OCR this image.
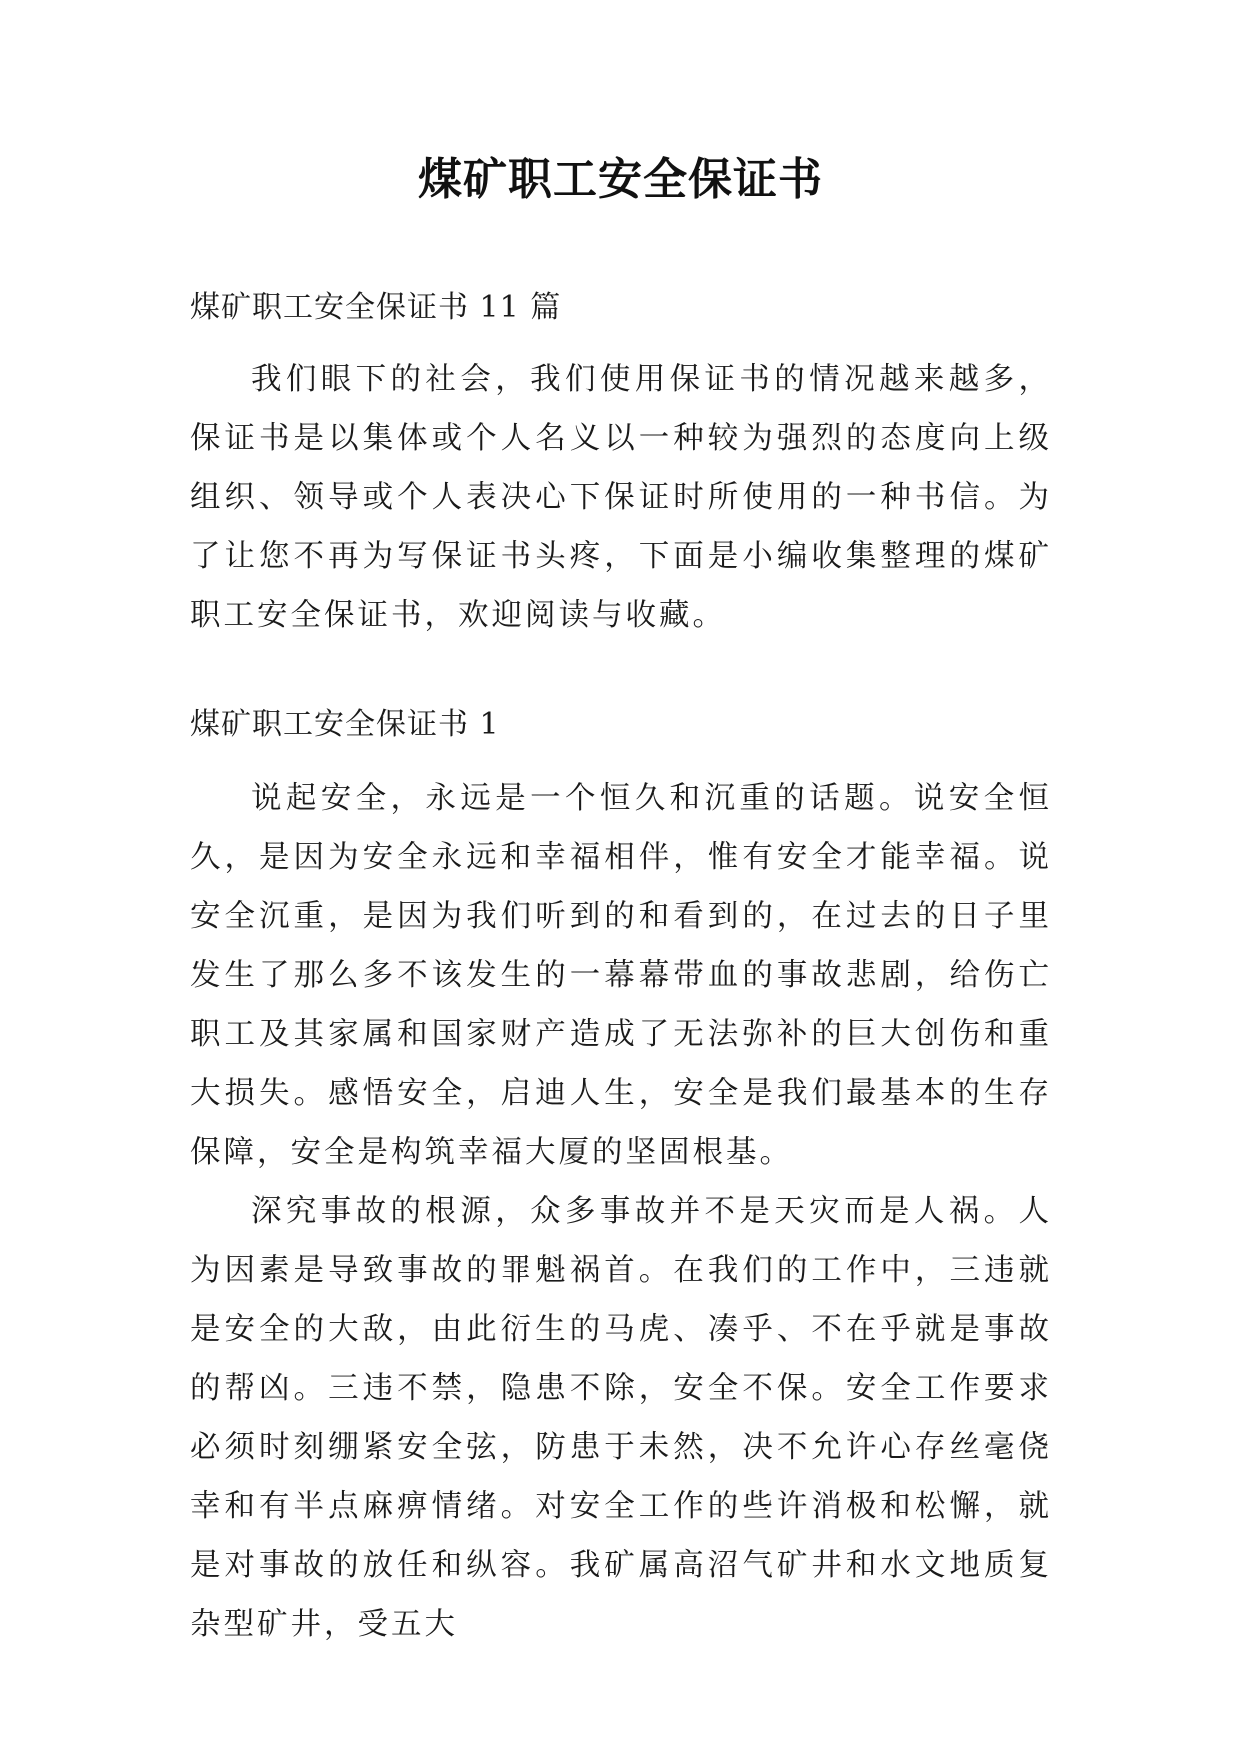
煤矿职工安全保证书

煤矿职工安全保证书 11 篇

我们眼下的社会，我们使用保证书的情况越来越多，保证书是以集体或个人名义以一种较为强烈的态度向上级组织、领导或个人表决心下保证时所使用的一种书信。为了让您不再为写保证书头疼，下面是小编收集整理的煤矿职工安全保证书，欢迎阅读与收藏。

煤矿职工安全保证书 1

说起安全，永远是一个恒久和沉重的话题。说安全恒久，是因为安全永远和幸福相伴，惟有安全才能幸福。说安全沉重，是因为我们听到的和看到的，在过去的日子里发生了那么多不该发生的一幕幕带血的事故悲剧，给伤亡职工及其家属和国家财产造成了无法弥补的巨大创伤和重大损失。感悟安全，启迪人生，安全是我们最基本的生存保障，安全是构筑幸福大厦的坚固根基。

深究事故的根源，众多事故并不是天灾而是人祸。人为因素是导致事故的罪魁祸首。在我们的工作中，三违就是安全的大敌，由此衍生的马虎、凑乎、不在乎就是事故的帮凶。三违不禁，隐患不除，安全不保。安全工作要求必须时刻绷紧安全弦，防患于未然，决不允许心存丝毫侥幸和有半点麻痹情绪。对安全工作的些许消极和松懈，就是对事故的放任和纵容。我矿属高沼气矿井和水文地质复杂型矿井，受五大
